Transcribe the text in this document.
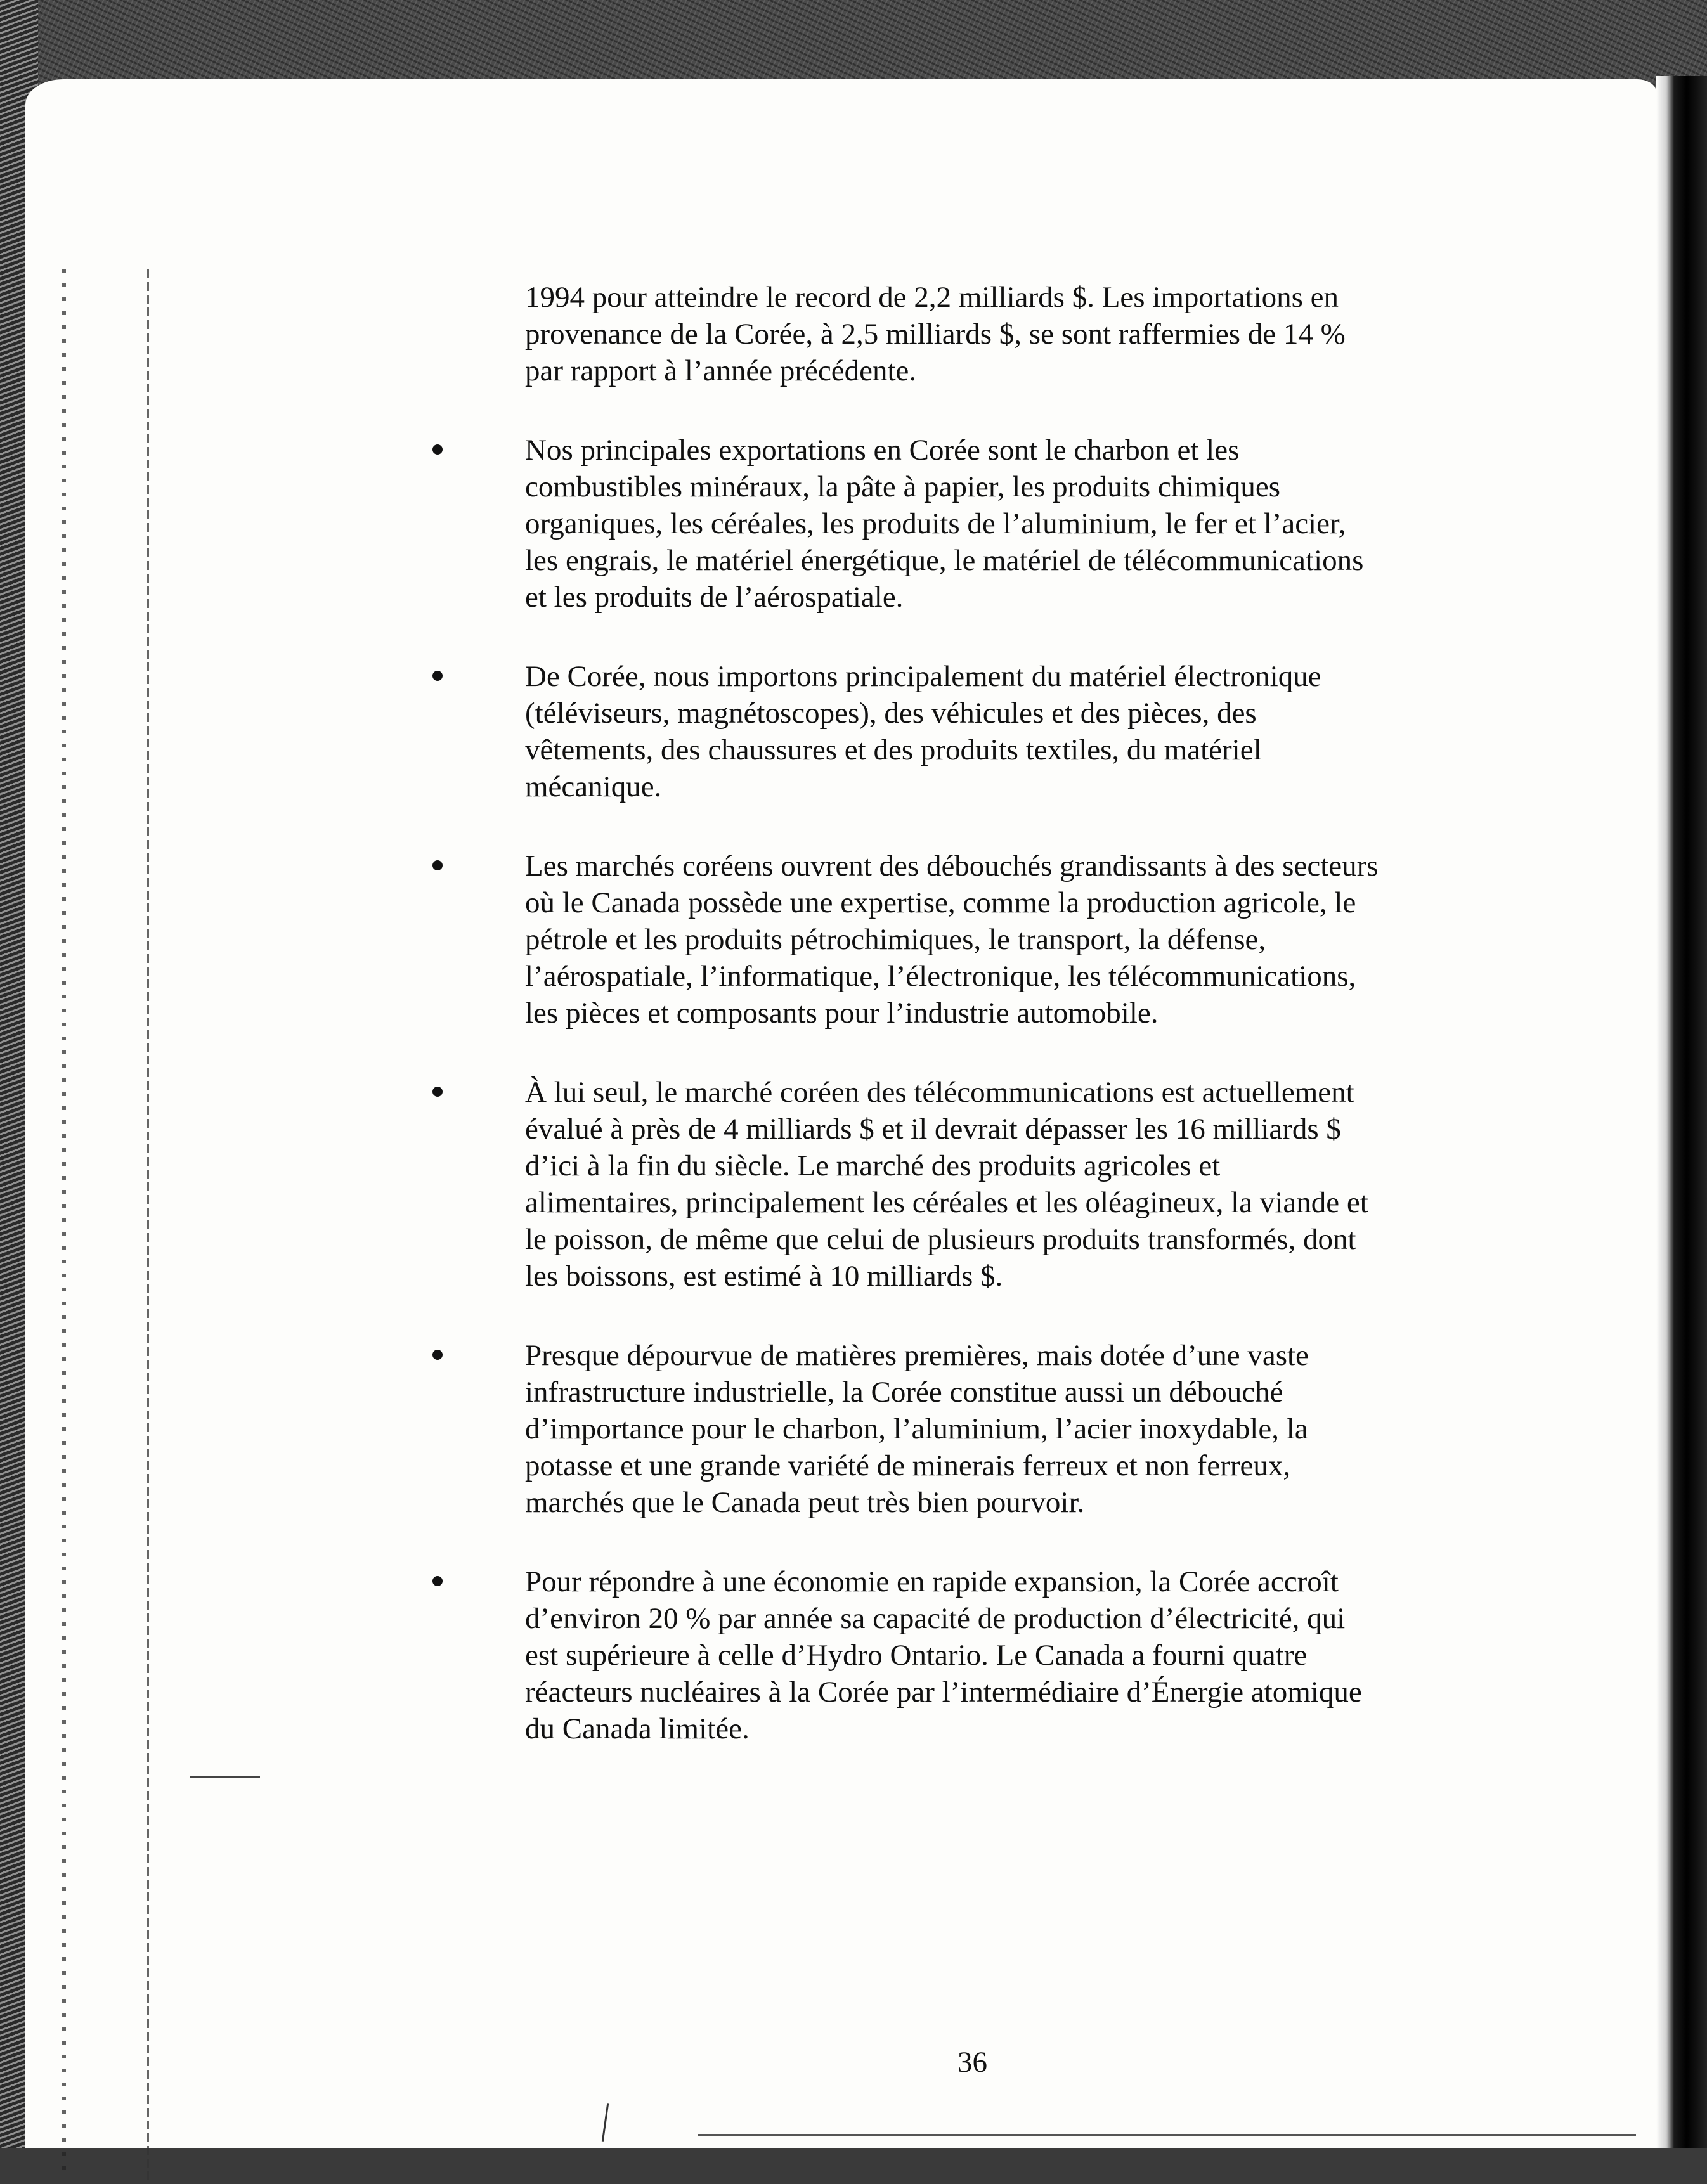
1994 pour atteindre le record de 2,2 milliards $. Les importations en
provenance de la Corée, à 2,5 milliards $, se sont raffermies de 14 %
par rapport à l’année précédente.

Nos principales exportations en Corée sont le charbon et les
combustibles minéraux, la pâte à papier, les produits chimiques
organiques, les céréales, les produits de l’aluminium, le fer et l’acier,
les engrais, le matériel énergétique, le matériel de télécommunications
et les produits de l’aérospatiale.
De Corée, nous importons principalement du matériel électronique
(téléviseurs, magnétoscopes), des véhicules et des pièces, des
vêtements, des chaussures et des produits textiles, du matériel
mécanique.
Les marchés coréens ouvrent des débouchés grandissants à des secteurs
où le Canada possède une expertise, comme la production agricole, le
pétrole et les produits pétrochimiques, le transport, la défense,
l’aérospatiale, l’informatique, l’électronique, les télécommunications,
les pièces et composants pour l’industrie automobile.
À lui seul, le marché coréen des télécommunications est actuellement
évalué à près de 4 milliards $ et il devrait dépasser les 16 milliards $
d’ici à la fin du siècle. Le marché des produits agricoles et
alimentaires, principalement les céréales et les oléagineux, la viande et
le poisson, de même que celui de plusieurs produits transformés, dont
les boissons, est estimé à 10 milliards $.
Presque dépourvue de matières premières, mais dotée d’une vaste
infrastructure industrielle, la Corée constitue aussi un débouché
d’importance pour le charbon, l’aluminium, l’acier inoxydable, la
potasse et une grande variété de minerais ferreux et non ferreux,
marchés que le Canada peut très bien pourvoir.
Pour répondre à une économie en rapide expansion, la Corée accroît
d’environ 20 % par année sa capacité de production d’électricité, qui
est supérieure à celle d’Hydro Ontario. Le Canada a fourni quatre
réacteurs nucléaires à la Corée par l’intermédiaire d’Énergie atomique
du Canada limitée.
36
